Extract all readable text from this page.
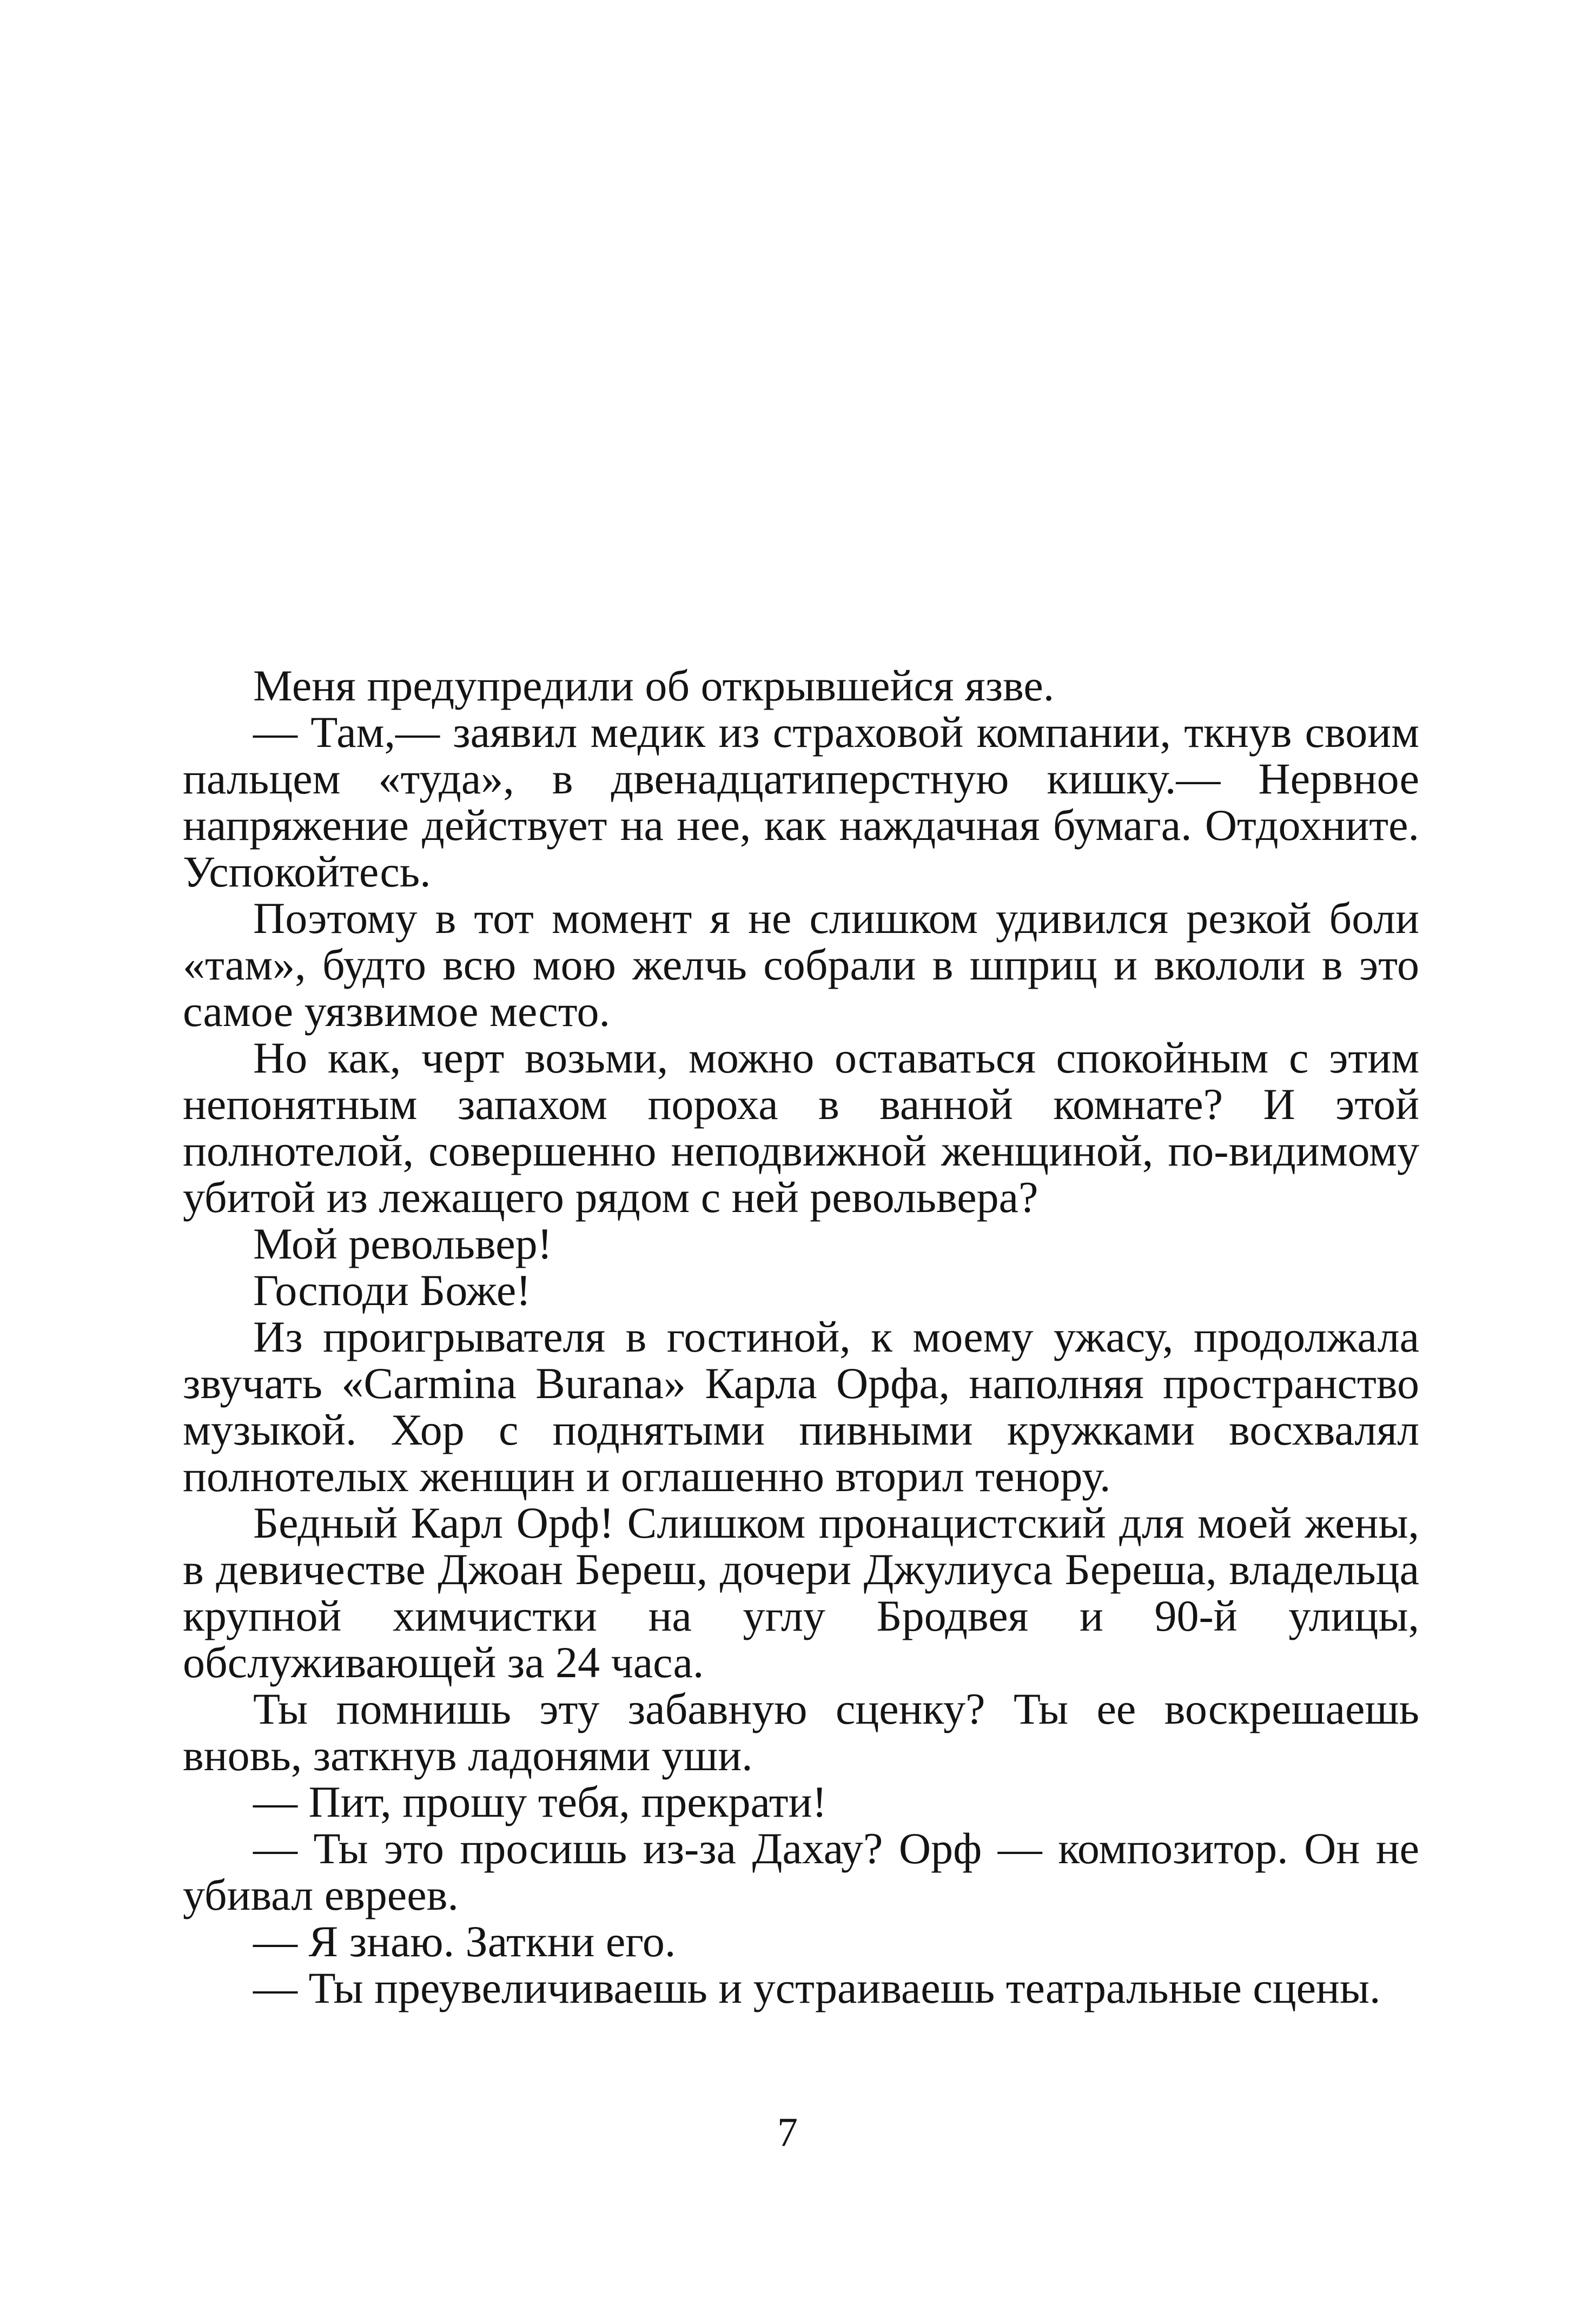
Меня предупредили об открывшейся язве.

— Там,— заявил медик из страховой компании, ткнув своим пальцем «туда», в двенадцатиперстную кишку.— Нервное напряжение действует на нее, как наждачная бумага. Отдохните. Успокойтесь.

Поэтому в тот момент я не слишком удивился резкой боли «там», будто всю мою желчь собрали в шприц и вкололи в это самое уязвимое место.

Но как, черт возьми, можно оставаться спокойным с этим непонятным запахом пороха в ванной комнате? И этой полнотелой, совершенно неподвижной женщиной, по-видимому убитой из лежащего рядом с ней револьвера?

Мой револьвер!

Господи Боже!

Из проигрывателя в гостиной, к моему ужасу, продолжала звучать «Carmina Burana» Карла Орфа, наполняя пространство музыкой. Хор с поднятыми пивными кружками восхвалял полнотелых женщин и оглашенно вторил тенору.

Бедный Карл Орф! Слишком пронацистский для моей жены, в девичестве Джоан Береш, дочери Джулиуса Береша, владельца крупной химчистки на углу Бродвея и 90-й улицы, обслуживающей за 24 часа.

Ты помнишь эту забавную сценку? Ты ее воскрешаешь вновь, заткнув ладонями уши.

— Пит, прошу тебя, прекрати!

— Ты это просишь из-за Дахау? Орф — композитор. Он не убивал евреев.

— Я знаю. Заткни его.

— Ты преувеличиваешь и устраиваешь театральные сцены.

7
